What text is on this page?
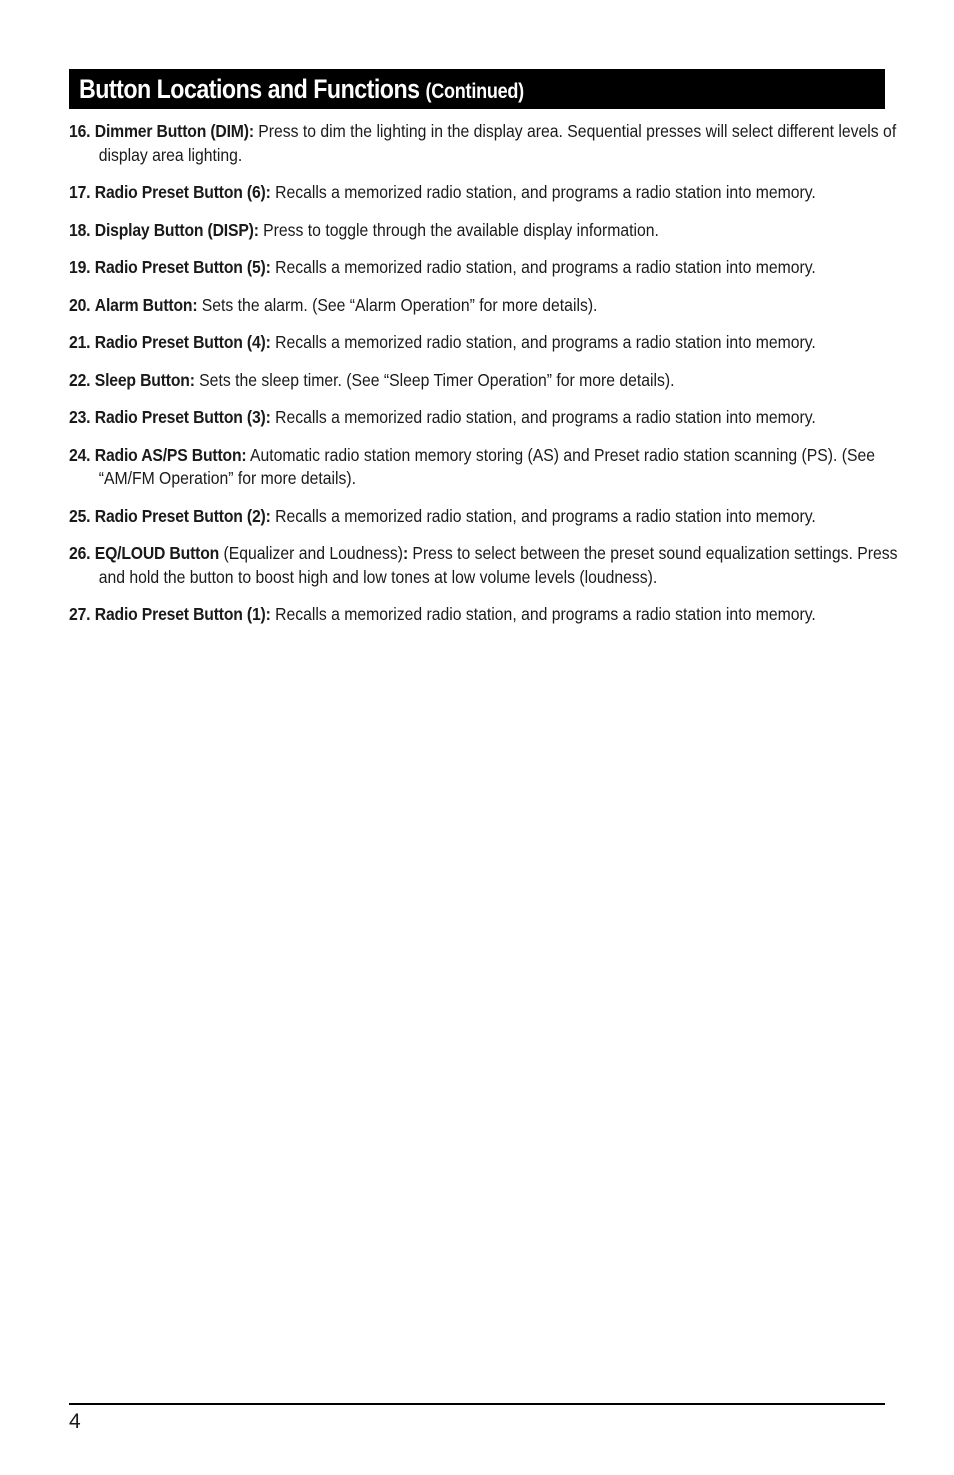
Button Locations and Functions (Continued)
16. Dimmer Button (DIM): Press to dim the lighting in the display area. Sequential presses will select different levels of display area lighting.
17. Radio Preset Button (6): Recalls a memorized radio station, and programs a radio station into memory.
18. Display Button (DISP): Press to toggle through the available display information.
19. Radio Preset Button (5): Recalls a memorized radio station, and programs a radio station into memory.
20. Alarm Button: Sets the alarm. (See “Alarm Operation” for more details).
21. Radio Preset Button (4): Recalls a memorized radio station, and programs a radio station into memory.
22. Sleep Button: Sets the sleep timer. (See “Sleep Timer Operation” for more details).
23. Radio Preset Button (3): Recalls a memorized radio station, and programs a radio station into memory.
24. Radio AS/PS Button: Automatic radio station memory storing (AS) and Preset radio station scanning (PS). (See “AM/FM Operation” for more details).
25. Radio Preset Button (2): Recalls a memorized radio station, and programs a radio station into memory.
26. EQ/LOUD Button (Equalizer and Loudness): Press to select between the preset sound equalization settings. Press and hold the button to boost high and low tones at low volume levels (loudness).
27. Radio Preset Button (1): Recalls a memorized radio station, and programs a radio station into memory.
4
